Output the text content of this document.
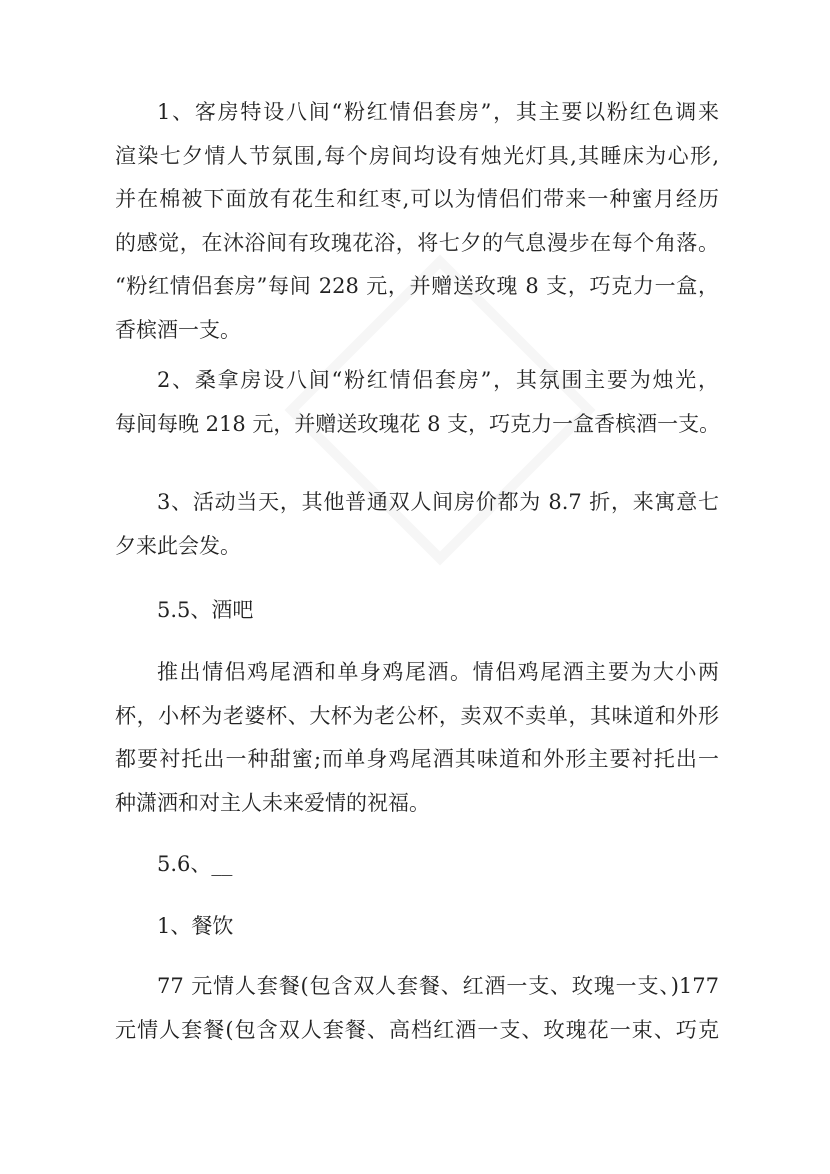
1、客房特设八间“粉红情侣套房”，其主要以粉红色调来
渲染七夕情人节氛围,每个房间均设有烛光灯具,其睡床为心形,
并在棉被下面放有花生和红枣,可以为情侣们带来一种蜜月经历
的感觉，在沐浴间有玫瑰花浴，将七夕的气息漫步在每个角落。
“粉红情侣套房”每间 228 元，并赠送玫瑰 8 支，巧克力一盒，
香槟酒一支。
2、桑拿房设八间“粉红情侣套房”，其氛围主要为烛光，
每间每晚 218 元，并赠送玫瑰花 8 支，巧克力一盒香槟酒一支。
3、活动当天，其他普通双人间房价都为 8.7 折，来寓意七
夕来此会发。
5.5、酒吧
推出情侣鸡尾酒和单身鸡尾酒。情侣鸡尾酒主要为大小两
杯，小杯为老婆杯、大杯为老公杯，卖双不卖单，其味道和外形
都要衬托出一种甜蜜;而单身鸡尾酒其味道和外形主要衬托出一
种潇洒和对主人未来爱情的祝福。
5.6、__
1、餐饮
77 元情人套餐(包含双人套餐、红酒一支、玫瑰一支、)177
元情人套餐(包含双人套餐、高档红酒一支、玫瑰花一束、巧克
